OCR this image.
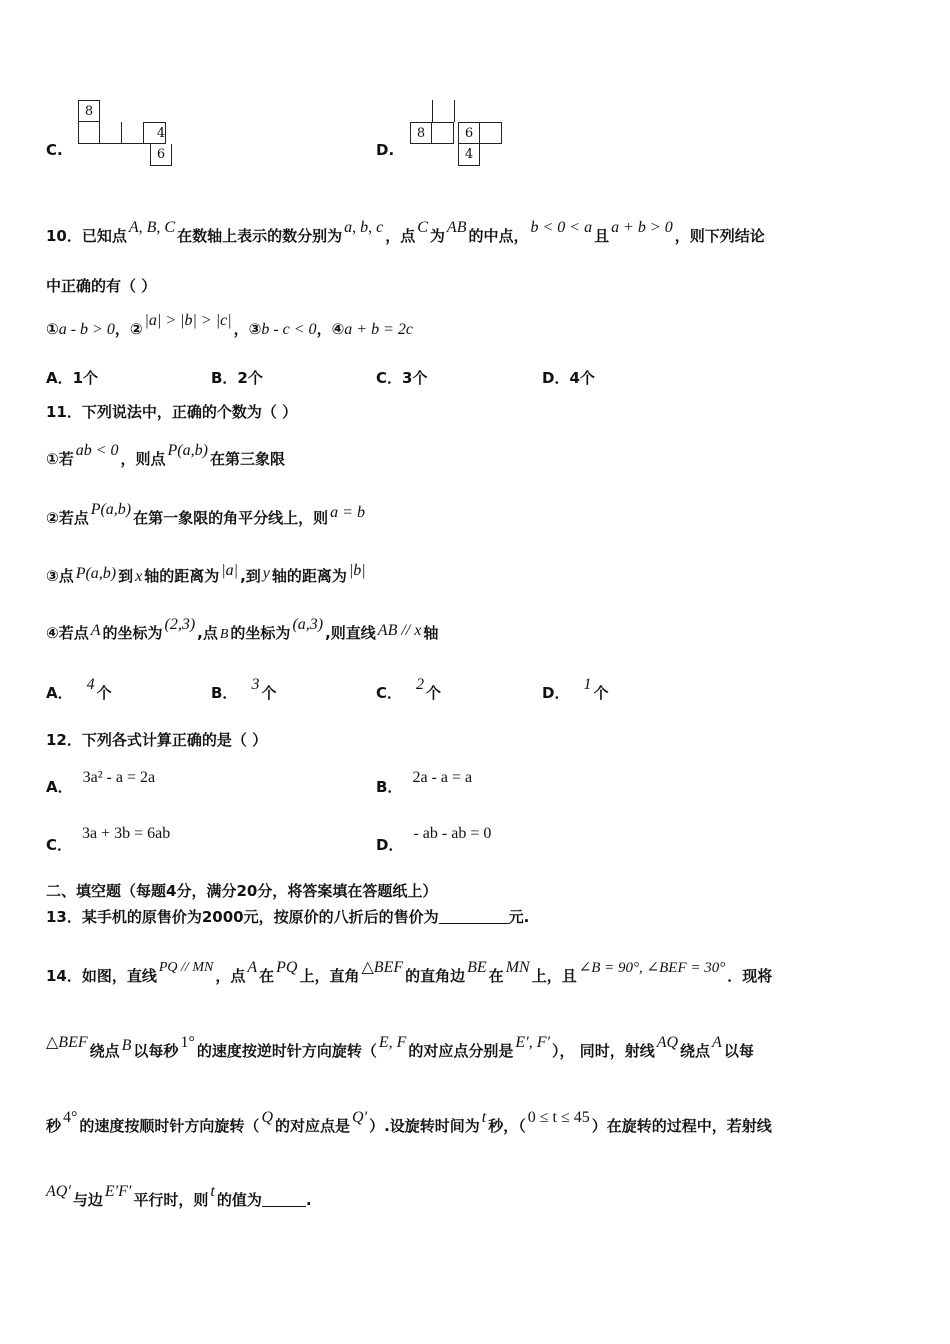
C.
8
4
6	D.
8	6
4
10．已知点 A, B, C 在数轴上表示的数分别为 a, b, c ，点 C 为 AB 的中点， b < 0 < a 且 a + b > 0 ，则下列结论
中正确的有（ ）
①a - b > 0，② |a| > |b| > |c| ，③b - c < 0，④a + b = 2c
A．1个	B．2个	C．3个	D．4个
11．下列说法中，正确的个数为（ ）
①若 ab < 0 ，则点 P(a,b) 在第三象限
②若点 P(a,b) 在第一象限的角平分线上，则 a = b
③点 P(a,b) 到 x 轴的距离为 |a| ,到 y 轴的距离为 |b|
④若点 A 的坐标为 (2,3) ,点 B 的坐标为 (a,3) ,则直线 AB // x 轴
A． 4 个	B． 3 个	C． 2 个	D． 1 个
12．下列各式计算正确的是（ ）
A．3a² - a = 2a
B．2a - a = a
C．3a + 3b = 6ab
D．- ab - ab = 0
二、填空题（每题4分，满分20分，将答案填在答题纸上）
13．某手机的原售价为2000元，按原价的八折后的售价为	元.
14．如图，直线 PQ // MN ，点 A 在 PQ 上，直角 △BEF 的直角边 BE 在 MN 上，且 ∠B = 90°, ∠BEF = 30° ．现将
△BEF 绕点 B 以每秒 1° 的速度按逆时针方向旋转（ E, F 的对应点分别是 E′, F′ ）， 同时，射线 AQ 绕点 A 以每
秒 4° 的速度按顺时针方向旋转（ Q 的对应点是 Q′ ）.设旋转时间为 t 秒，（ 0 ≤ t ≤ 45 ）在旋转的过程中，若射线
AQ′ 与边 E′F′ 平行时，则 t 的值为	.
